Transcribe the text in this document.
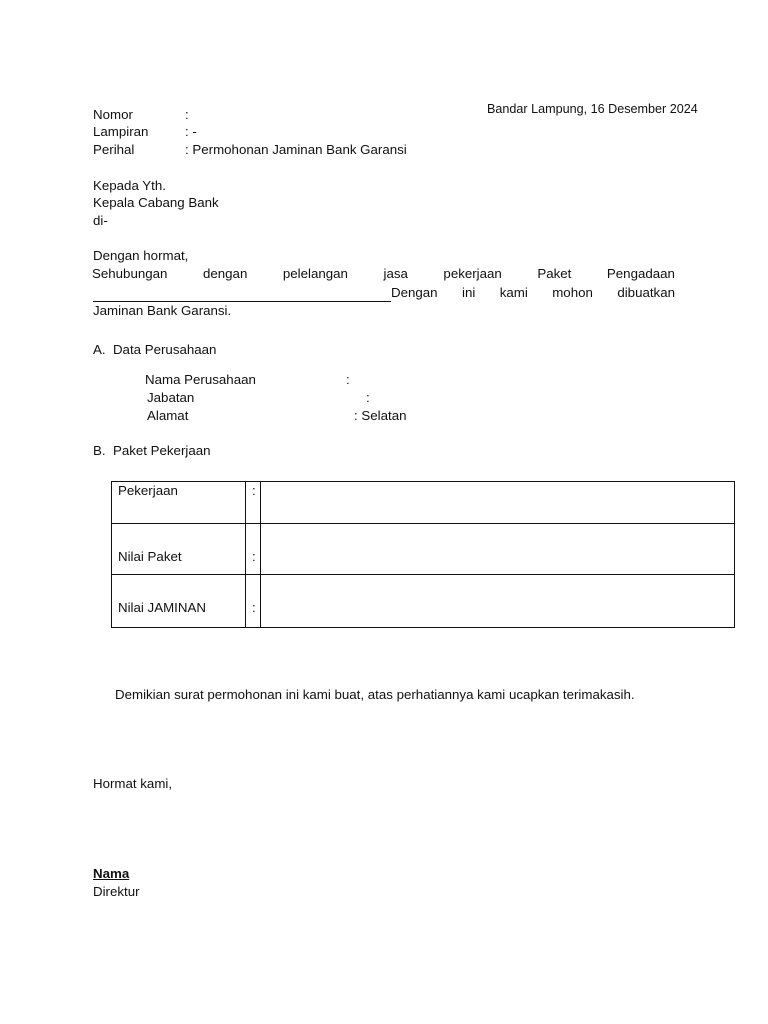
Bandar Lampung, 16 Desember 2024
Nomor	:
Lampiran	: -
Perihal	: Permohonan Jaminan Bank Garansi
Kepada Yth.
Kepala Cabang Bank
di-
Dengan hormat,
Sehubungan	dengan	pelelangan	jasa	pekerjaan	Paket	Pengadaan
Dengan ini kami mohon dibuatkan
Jaminan Bank Garansi.
A.  Data Perusahaan
Nama Perusahaan	:
Jabatan	:
Alamat	: Selatan
B.  Paket Pekerjaan
Pekerjaan	:	
Nilai Paket	:	
Nilai JAMINAN	:	
Demikian surat permohonan ini kami buat, atas perhatiannya kami ucapkan terimakasih.
Hormat kami,
Nama
Direktur
